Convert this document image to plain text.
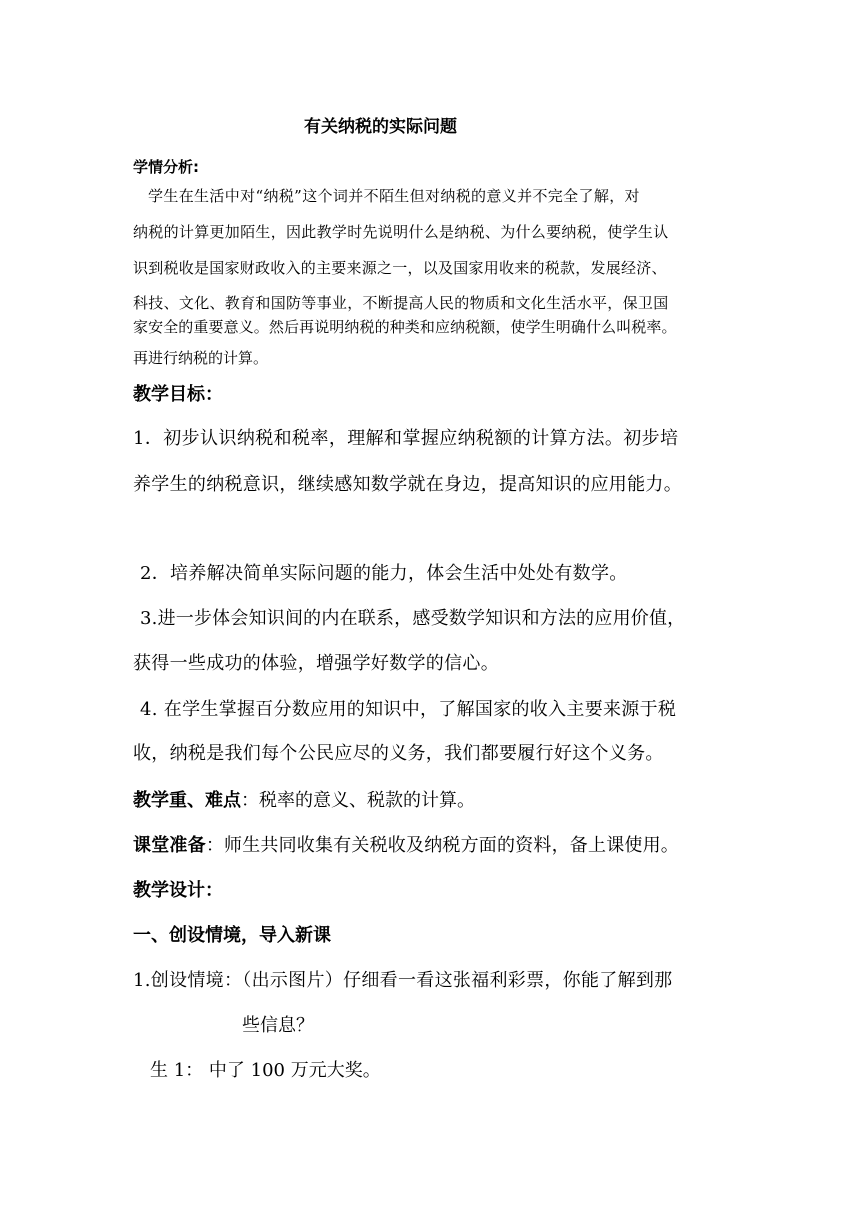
有关纳税的实际问题
学情分析:
学生在生活中对“纳税”这个词并不陌生但对纳税的意义并不完全了解，对
纳税的计算更加陌生，因此教学时先说明什么是纳税、为什么要纳税，使学生认
识到税收是国家财政收入的主要来源之一，以及国家用收来的税款，发展经济、
科技、文化、教育和国防等事业，不断提高人民的物质和文化生活水平，保卫国
家安全的重要意义。然后再说明纳税的种类和应纳税额，使学生明确什么叫税率。
再进行纳税的计算。
教学目标：
1．初步认识纳税和税率，理解和掌握应纳税额的计算方法。初步培
养学生的纳税意识，继续感知数学就在身边，提高知识的应用能力。
2．培养解决简单实际问题的能力，体会生活中处处有数学。
3.进一步体会知识间的内在联系，感受数学知识和方法的应用价值，
获得一些成功的体验，增强学好数学的信心。
4. 在学生掌握百分数应用的知识中，了解国家的收入主要来源于税
收，纳税是我们每个公民应尽的义务，我们都要履行好这个义务。
教学重、难点：税率的意义、税款的计算。
课堂准备：师生共同收集有关税收及纳税方面的资料，备上课使用。
教学设计：
一、创设情境，导入新课
1.创设情境：（出示图片）仔细看一看这张福利彩票，你能了解到那
些信息？
生 1： 中了 100 万元大奖。
